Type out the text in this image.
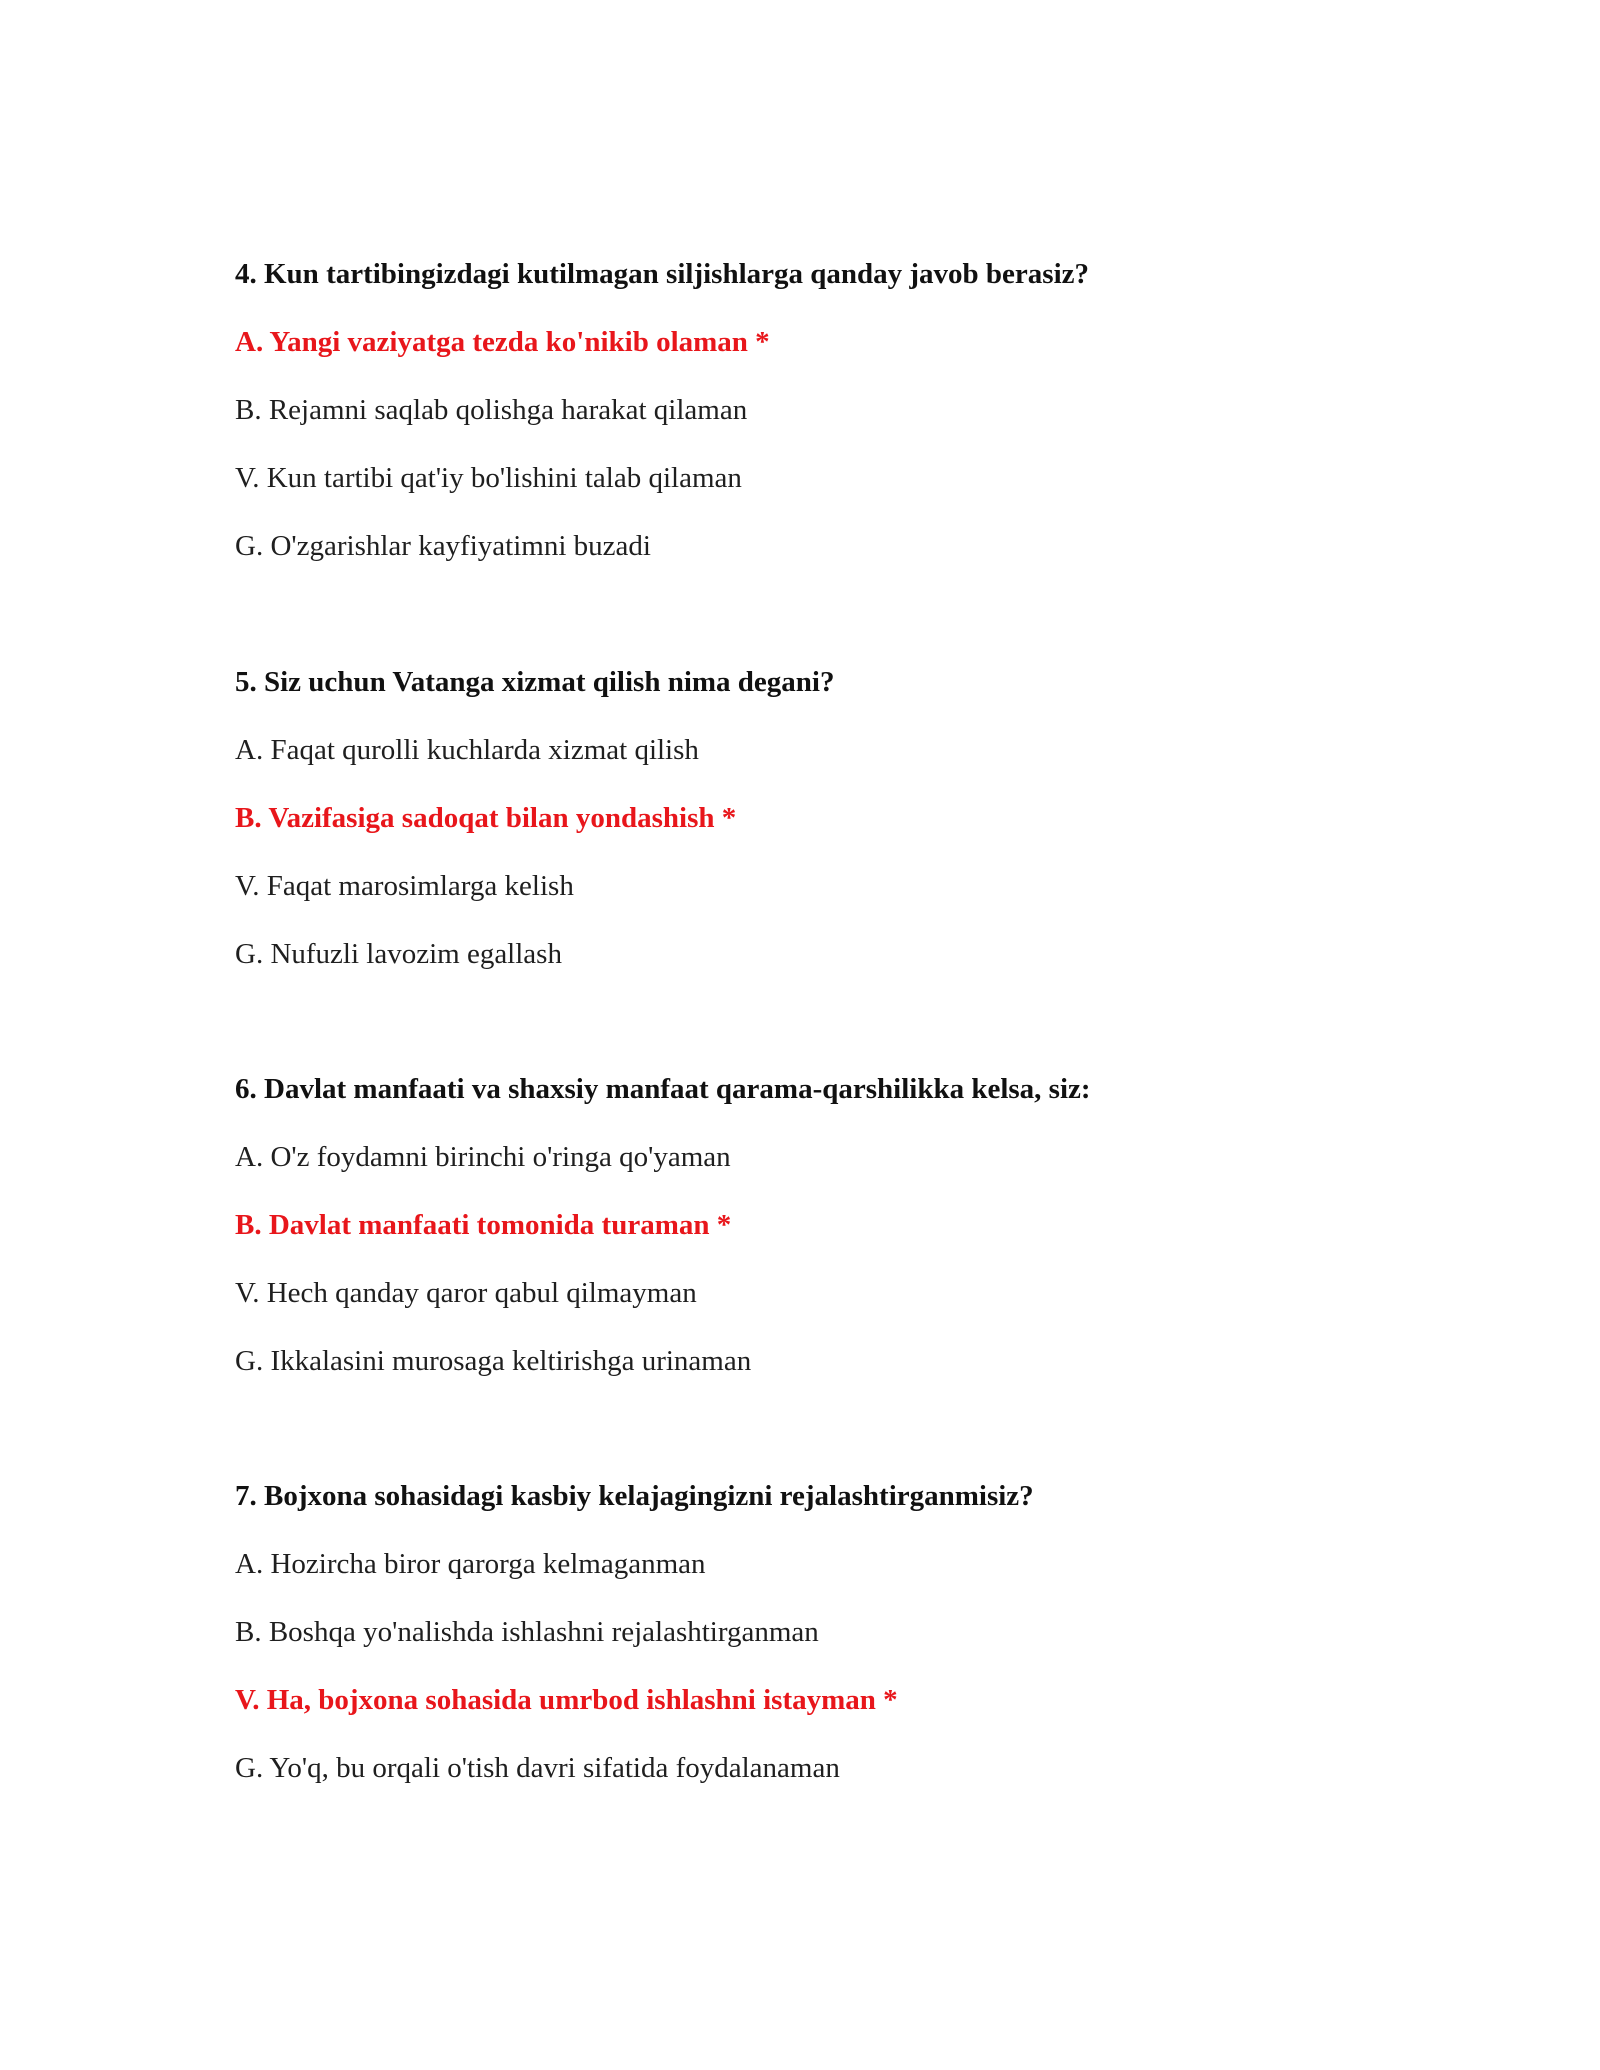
4. Kun tartibingizdagi kutilmagan siljishlarga qanday javob berasiz?
A. Yangi vaziyatga tezda ko'nikib olaman *
B. Rejamni saqlab qolishga harakat qilaman
V. Kun tartibi qat'iy bo'lishini talab qilaman
G. O'zgarishlar kayfiyatimni buzadi
5. Siz uchun Vatanga xizmat qilish nima degani?
A. Faqat qurolli kuchlarda xizmat qilish
B. Vazifasiga sadoqat bilan yondashish *
V. Faqat marosimlarga kelish
G. Nufuzli lavozim egallash
6. Davlat manfaati va shaxsiy manfaat qarama-qarshilikka kelsa, siz:
A. O'z foydamni birinchi o'ringa qo'yaman
B. Davlat manfaati tomonida turaman *
V. Hech qanday qaror qabul qilmayman
G. Ikkalasini murosaga keltirishga urinaman
7. Bojxona sohasidagi kasbiy kelajagingizni rejalashtirganmisiz?
A. Hozircha biror qarorga kelmaganman
B. Boshqa yo'nalishda ishlashni rejalashtirganman
V. Ha, bojxona sohasida umrbod ishlashni istayman *
G. Yo'q, bu orqali o'tish davri sifatida foydalanaman
